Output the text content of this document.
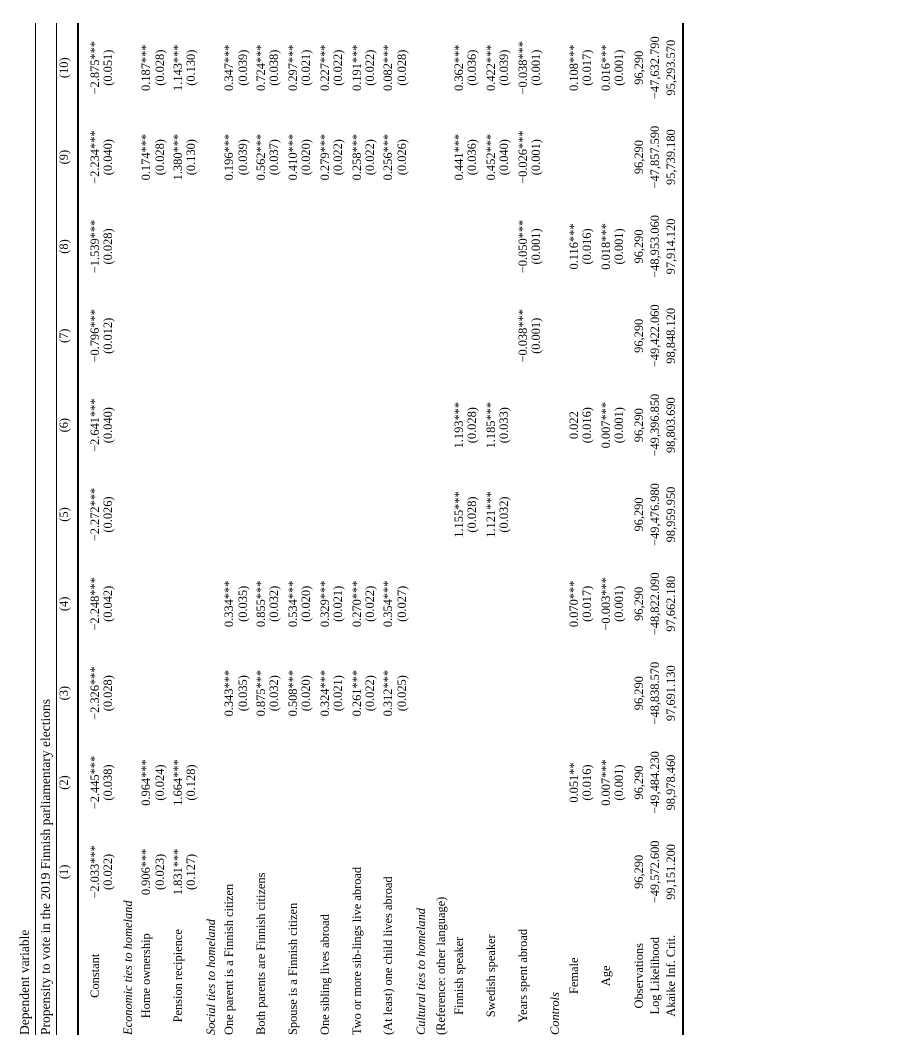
Dependent variable Propensity to vote in the 2019 Finnish parliamentary elections
	(1)	(2)	(3)	(4)	(5)	(6)	(7)	(8)	(9)	(10)

Constant	−2.033***	−2.445***	−2.326***	−2.248***	−2.272***	−2.641***	−0.796***	−1.539***	−2.234***	−2.875***
	(0.022)	(0.038)	(0.028)	(0.042)	(0.026)	(0.040)	(0.012)	(0.028)	(0.040)	(0.051)
Economic ties to homeland										
Home ownership	0.906***	0.964***							0.174***	0.187***
	(0.023)	(0.024)							(0.028)	(0.028)
Pension recipience	1.831***	1.664***							1.380***	1.143***
	(0.127)	(0.128)							(0.130)	(0.130)
Social ties to homeland										
One parent is a Finnish citizen			0.343***	0.334***					0.196***	0.347***
			(0.035)	(0.035)					(0.039)	(0.039)
Both parents are Finnish citizens			0.875***	0.855***					0.562***	0.724***
			(0.032)	(0.032)					(0.037)	(0.038)
Spouse is a Finnish citizen			0.508***	0.534***					0.410***	0.297***
			(0.020)	(0.020)					(0.020)	(0.021)
One sibling lives abroad			0.324***	0.329***					0.279***	0.227***
			(0.021)	(0.021)					(0.022)	(0.022)
Two or more sib‐lings live abroad			0.261***	0.270***					0.258***	0.191***
			(0.022)	(0.022)					(0.022)	(0.022)
(At least) one child lives abroad			0.312***	0.354***					0.256***	0.082***
			(0.025)	(0.027)					(0.026)	(0.028)
Cultural ties to homeland										
(Reference: other language)										
Finnish speaker					1.155***	1.193***			0.441***	0.362***
					(0.028)	(0.028)			(0.036)	(0.036)
Swedish speaker					1.121***	1.185***			0.452***	0.422***
					(0.032)	(0.033)			(0.040)	(0.039)
Years spent abroad							−0.038***	−0.050***	−0.026***	−0.038***
							(0.001)	(0.001)	(0.001)	(0.001)
Controls										
Female		0.051**		0.070***		0.022		0.116***		0.108***
		(0.016)		(0.017)		(0.016)		(0.016)		(0.017)
Age		0.007***		−0.003***		0.007***		0.018***		0.016***
		(0.001)		(0.001)		(0.001)		(0.001)		(0.001)
Observations	96,290	96,290	96,290	96,290	96,290	96,290	96,290	96,290	96,290	96,290
Log Likelihood	−49,572.600	−49,484.230	−48,838.570	−48,822.090	−49,476.980	−49,396.850	−49,422.060	−48,953.060	−47,857.590	−47,632.790
Akaike Inf. Crit.	99,151.200	98,978.460	97,691.130	97,662.180	98,959.950	98,803.690	98,848.120	97,914.120	95,739.180	95,293.570
